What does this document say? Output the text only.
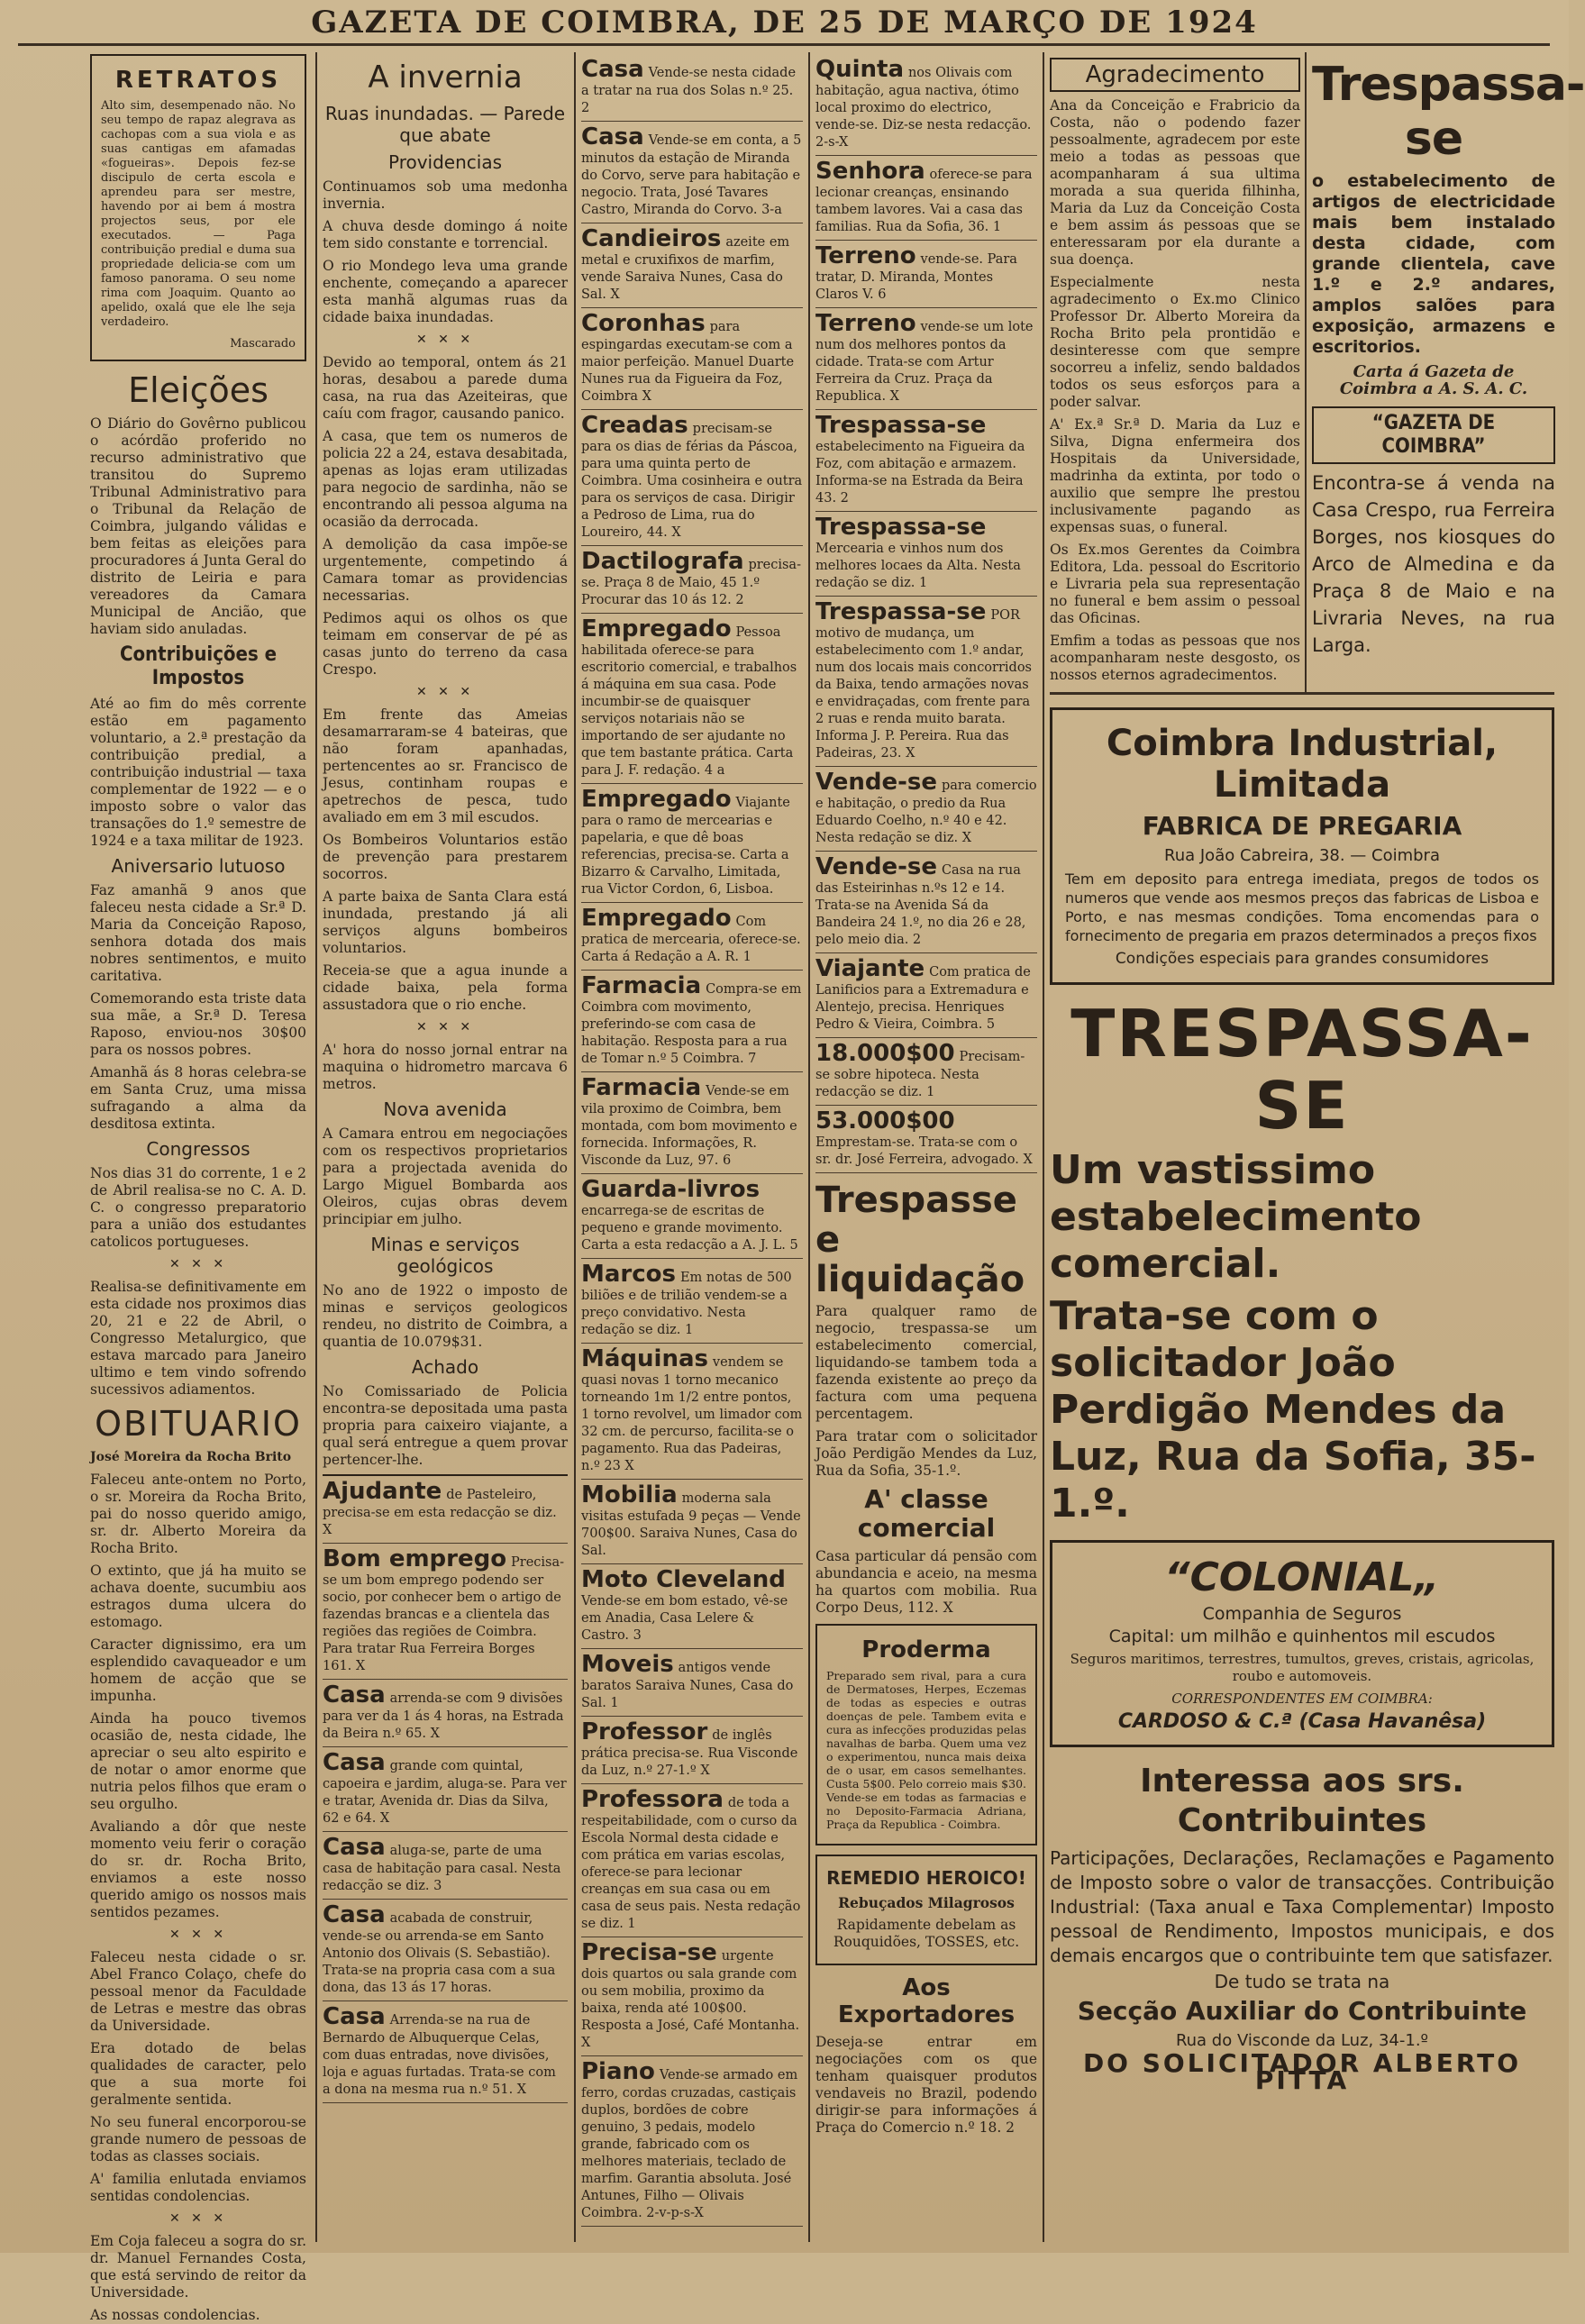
GAZETA DE COIMBRA, DE 25 DE MARÇO DE 1924
RETRATOS

Alto sim, desempenado não. No seu tempo de rapaz alegrava as cachopas com a sua viola e as suas cantigas em afamadas «fogueiras». Depois fez-se discipulo de certa escola e aprendeu para ser mestre, havendo por ai bem á mostra projectos seus, por ele executados. — Paga contribuição predial e duma sua propriedade delicia-se com um famoso panorama. O seu nome rima com Joaquim. Quanto ao apelido, oxalá que ele lhe seja verdadeiro.

Mascarado
Eleições

O Diário do Govêrno publicou o acórdão proferido no recurso administrativo que transitou do Supremo Tribunal Administrativo para o Tribunal da Relação de Coimbra, julgando válidas e bem feitas as eleições para procuradores á Junta Geral do distrito de Leiria e para vereadores da Camara Municipal de Ancião, que haviam sido anuladas.

Contribuições e Impostos

Até ao fim do mês corrente estão em pagamento voluntario, a 2.ª prestação da contribuição predial, a contribuição industrial — taxa complementar de 1922 — e o imposto sobre o valor das transações do 1.º semestre de 1924 e a taxa militar de 1923.

Aniversario lutuoso

Faz amanhã 9 anos que faleceu nesta cidade a Sr.ª D. Maria da Conceição Raposo, senhora dotada dos mais nobres sentimentos, e muito caritativa.

Comemorando esta triste data sua mãe, a Sr.ª D. Teresa Raposo, enviou-nos 30$00 para os nossos pobres.

Amanhã ás 8 horas celebra-se em Santa Cruz, uma missa sufragando a alma da desditosa extinta.

Congressos

Nos dias 31 do corrente, 1 e 2 de Abril realisa-se no C. A. D. C. o congresso preparatorio para a união dos estudantes catolicos portugueses.

✕ ✕ ✕

Realisa-se definitivamente em esta cidade nos proximos dias 20, 21 e 22 de Abril, o Congresso Metalurgico, que estava marcado para Janeiro ultimo e tem vindo sofrendo sucessivos adiamentos.

OBITUARIO

José Moreira da Rocha Brito

Faleceu ante-ontem no Porto, o sr. Moreira da Rocha Brito, pai do nosso querido amigo, sr. dr. Alberto Moreira da Rocha Brito.

O extinto, que já ha muito se achava doente, sucumbiu aos estragos duma ulcera do estomago.

Caracter dignissimo, era um esplendido cavaqueador e um homem de acção que se impunha.

Ainda ha pouco tivemos ocasião de, nesta cidade, lhe apreciar o seu alto espirito e de notar o amor enorme que nutria pelos filhos que eram o seu orgulho.

Avaliando a dôr que neste momento veiu ferir o coração do sr. dr. Rocha Brito, enviamos a este nosso querido amigo os nossos mais sentidos pezames.

✕ ✕ ✕

Faleceu nesta cidade o sr. Abel Franco Colaço, chefe do pessoal menor da Faculdade de Letras e mestre das obras da Universidade.

Era dotado de belas qualidades de caracter, pelo que a sua morte foi geralmente sentida.

No seu funeral encorporou-se grande numero de pessoas de todas as classes sociais.

A' familia enlutada enviamos sentidas condolencias.

✕ ✕ ✕

Em Coja faleceu a sogra do sr. dr. Manuel Fernandes Costa, que está servindo de reitor da Universidade.

As nossas condolencias.

A invernia
Ruas inundadas. — Parede que abate
Providencias

Continuamos sob uma medonha invernia.

A chuva desde domingo á noite tem sido constante e torrencial.

O rio Mondego leva uma grande enchente, começando a aparecer esta manhã algumas ruas da cidade baixa inundadas.

✕ ✕ ✕

Devido ao temporal, ontem ás 21 horas, desabou a parede duma casa, na rua das Azeiteiras, que caíu com fragor, causando panico.

A casa, que tem os numeros de policia 22 a 24, estava desabitada, apenas as lojas eram utilizadas para negocio de sardinha, não se encontrando ali pessoa alguma na ocasião da derrocada.

A demolição da casa impõe-se urgentemente, competindo á Camara tomar as providencias necessarias.

Pedimos aqui os olhos os que teimam em conservar de pé as casas junto do terreno da casa Crespo.

✕ ✕ ✕

Em frente das Ameias desamarraram-se 4 bateiras, que não foram apanhadas, pertencentes ao sr. Francisco de Jesus, continham roupas e apetrechos de pesca, tudo avaliado em em 3 mil escudos.

Os Bombeiros Voluntarios estão de prevenção para prestarem socorros.

A parte baixa de Santa Clara está inundada, prestando já ali serviços alguns bombeiros voluntarios.

Receia-se que a agua inunde a cidade baixa, pela forma assustadora que o rio enche.

✕ ✕ ✕

A' hora do nosso jornal entrar na maquina o hidrometro marcava 6 metros.

Nova avenida

A Camara entrou em negociações com os respectivos proprietarios para a projectada avenida do Largo Miguel Bombarda aos Oleiros, cujas obras devem principiar em julho.

Minas e serviços geológicos

No ano de 1922 o imposto de minas e serviços geologicos rendeu, no distrito de Coimbra, a quantia de 10.079$31.

Achado

No Comissariado de Policia encontra-se depositada uma pasta propria para caixeiro viajante, a qual será entregue a quem provar pertencer-lhe.

Ajudante de Pasteleiro, precisa-se em esta redacção se diz. X
Bom emprego Precisa-se um bom emprego podendo ser socio, por conhecer bem o artigo de fazendas brancas e a clientela das regiões das regiões de Coimbra. Para tratar Rua Ferreira Borges 161. X
Casa arrenda-se com 9 divisões para ver da 1 ás 4 horas, na Estrada da Beira n.º 65. X
Casa grande com quintal, capoeira e jardim, aluga-se. Para ver e tratar, Avenida dr. Dias da Silva, 62 e 64. X
Casa aluga-se, parte de uma casa de habitação para casal. Nesta redacção se diz. 3
Casa acabada de construir, vende-se ou arrenda-se em Santo Antonio dos Olivais (S. Sebastião). Trata-se na propria casa com a sua dona, das 13 ás 17 horas.
Casa Arrenda-se na rua de Bernardo de Albuquerque Celas, com duas entradas, nove divisões, loja e aguas furtadas. Trata-se com a dona na mesma rua n.º 51. X
Casa Vende-se nesta cidade a tratar na rua dos Solas n.º 25. 2
Casa Vende-se em conta, a 5 minutos da estação de Miranda do Corvo, serve para habitação e negocio. Trata, José Tavares Castro, Miranda do Corvo. 3-a
Candieiros azeite em metal e cruxifixos de marfim, vende Saraiva Nunes, Casa do Sal. X
Coronhas para espingardas executam-se com a maior perfeição. Manuel Duarte Nunes rua da Figueira da Foz, Coimbra X
Creadas precisam-se para os dias de férias da Páscoa, para uma quinta perto de Coimbra. Uma cosinheira e outra para os serviços de casa. Dirigir a Pedroso de Lima, rua do Loureiro, 44. X
Dactilografa precisa-se. Praça 8 de Maio, 45 1.º Procurar das 10 ás 12. 2
Empregado Pessoa habilitada oferece-se para escritorio comercial, e trabalhos á máquina em sua casa. Pode incumbir-se de quaisquer serviços notariais não se importando de ser ajudante no que tem bastante prática. Carta para J. F. redação. 4 a
Empregado Viajante para o ramo de mercearias e papelaria, e que dê boas referencias, precisa-se. Carta a Bizarro & Carvalho, Limitada, rua Victor Cordon, 6, Lisboa.
Empregado Com pratica de mercearia, oferece-se. Carta á Redação a A. R. 1
Farmacia Compra-se em Coimbra com movimento, preferindo-se com casa de habitação. Resposta para a rua de Tomar n.º 5 Coimbra. 7
Farmacia Vende-se em vila proximo de Coimbra, bem montada, com bom movimento e fornecida. Informações, R. Visconde da Luz, 97. 6
Guarda-livros encarrega-se de escritas de pequeno e grande movimento. Carta a esta redacção a A. J. L. 5
Marcos Em notas de 500 biliões e de trilião vendem-se a preço convidativo. Nesta redação se diz. 1
Máquinas vendem se quasi novas 1 torno mecanico torneando 1m 1/2 entre pontos, 1 torno revolvel, um limador com 32 cm. de percurso, facilita-se o pagamento. Rua das Padeiras, n.º 23 X
Mobilia moderna sala visitas estufada 9 peças — Vende 700$00. Saraiva Nunes, Casa do Sal.
Moto Cleveland Vende-se em bom estado, vê-se em Anadia, Casa Lelere & Castro. 3
Moveis antigos vende baratos Saraiva Nunes, Casa do Sal. 1
Professor de inglês prática precisa-se. Rua Visconde da Luz, n.º 27-1.º X
Professora de toda a respeitabilidade, com o curso da Escola Normal desta cidade e com prática em varias escolas, oferece-se para lecionar creanças em sua casa ou em casa de seus pais. Nesta redação se diz. 1
Precisa-se urgente dois quartos ou sala grande com ou sem mobilia, proximo da baixa, renda até 100$00. Resposta a José, Café Montanha. X
Piano Vende-se armado em ferro, cordas cruzadas, castiçais duplos, bordões de cobre genuino, 3 pedais, modelo grande, fabricado com os melhores materiais, teclado de marfim. Garantia absoluta. José Antunes, Filho — Olivais Coimbra. 2-v-p-s-X
Quinta nos Olivais com habitação, agua nactiva, ótimo local proximo do electrico, vende-se. Diz-se nesta redacção. 2-s-X
Senhora oferece-se para lecionar creanças, ensinando tambem lavores. Vai a casa das familias. Rua da Sofia, 36. 1
Terreno vende-se. Para tratar, D. Miranda, Montes Claros V. 6
Terreno vende-se um lote num dos melhores pontos da cidade. Trata-se com Artur Ferreira da Cruz. Praça da Republica. X
Trespassa-se estabelecimento na Figueira da Foz, com abitação e armazem. Informa-se na Estrada da Beira 43. 2
Trespassa-se Mercearia e vinhos num dos melhores locaes da Alta. Nesta redação se diz. 1
Trespassa-se POR motivo de mudança, um estabelecimento com 1.º andar, num dos locais mais concorridos da Baixa, tendo armações novas e envidraçadas, com frente para 2 ruas e renda muito barata. Informa J. P. Pereira. Rua das Padeiras, 23. X
Vende-se para comercio e habitação, o predio da Rua Eduardo Coelho, n.º 40 e 42. Nesta redação se diz. X
Vende-se Casa na rua das Esteirinhas n.ºs 12 e 14. Trata-se na Avenida Sá da Bandeira 24 1.º, no dia 26 e 28, pelo meio dia. 2
Viajante Com pratica de Lanificios para a Extremadura e Alentejo, precisa. Henriques Pedro & Vieira, Coimbra. 5
18.000$00 Precisam-se sobre hipoteca. Nesta redacção se diz. 1
53.000$00 Emprestam-se. Trata-se com o sr. dr. José Ferreira, advogado. X
Trespasse e liquidação

Para qualquer ramo de negocio, trespassa-se um estabelecimento comercial, liquidando-se tambem toda a fazenda existente ao preço da factura com uma pequena percentagem.

Para tratar com o solicitador João Perdigão Mendes da Luz, Rua da Sofia, 35-1.º.

A' classe comercial

Casa particular dá pensão com abundancia e aceio, na mesma ha quartos com mobilia. Rua Corpo Deus, 112. X

Proderma

Preparado sem rival, para a cura de Dermatoses, Herpes, Eczemas de todas as especies e outras doenças de pele. Tambem evita e cura as infecções produzidas pelas navalhas de barba. Quem uma vez o experimentou, nunca mais deixa de o usar, em casos semelhantes. Custa 5$00. Pelo correio mais $30. Vende-se em todas as farmacias e no Deposito-Farmacia Adriana, Praça da Republica - Coimbra.

REMEDIO HEROICO!

Rebuçados Milagrosos

Rapidamente debelam as Rouquidões, TOSSES, etc.

Aos Exportadores

Deseja-se entrar em negociações com os que tenham quaisquer produtos vendaveis no Brazil, podendo dirigir-se para informações á Praça do Comercio n.º 18. 2

Agradecimento

Ana da Conceição e Frabricio da Costa, não o podendo fazer pessoalmente, agradecem por este meio a todas as pessoas que acompanharam á sua ultima morada a sua querida filhinha, Maria da Luz da Conceição Costa e bem assim ás pessoas que se enteressaram por ela durante a sua doença.

Especialmente nesta agradecimento o Ex.mo Clinico Professor Dr. Alberto Moreira da Rocha Brito pela prontidão e desinteresse com que sempre socorreu a infeliz, sendo baldados todos os seus esforços para a poder salvar.

A' Ex.ª Sr.ª D. Maria da Luz e Silva, Digna enfermeira dos Hospitais da Universidade, madrinha da extinta, por todo o auxilio que sempre lhe prestou inclusivamente pagando as expensas suas, o funeral.

Os Ex.mos Gerentes da Coimbra Editora, Lda. pessoal do Escritorio e Livraria pela sua representação no funeral e bem assim o pessoal das Oficinas.

Emfim a todas as pessoas que nos acompanharam neste desgosto, os nossos eternos agradecimentos.

Trespassa-se

o estabelecimento de artigos de electricidade mais bem instalado desta cidade, com grande clientela, cave 1.º e 2.º andares, amplos salões para exposição, armazens e escritorios.

Carta á Gazeta de Coimbra a A. S. A. C.

“GAZETA DE COIMBRA”

Encontra-se á venda na Casa Crespo, rua Ferreira Borges, nos kiosques do Arco de Almedina e da Praça 8 de Maio e na Livraria Neves, na rua Larga.

Coimbra Industrial, Limitada
FABRICA DE PREGARIA

Rua João Cabreira, 38. — Coimbra

Tem em deposito para entrega imediata, pregos de todos os numeros que vende aos mesmos preços das fabricas de Lisboa e Porto, e nas mesmas condições. Toma encomendas para o fornecimento de pregaria em prazos determinados a preços fixos

Condições especiais para grandes consumidores

TRESPASSA-SE

Um vastissimo estabelecimento comercial.

Trata-se com o solicitador João Perdigão Mendes da Luz, Rua da Sofia, 35-1.º.

“COLONIAL„

Companhia de Seguros

Capital: um milhão e quinhentos mil escudos

Seguros maritimos, terrestres, tumultos, greves, cristais, agricolas, roubo e automoveis.

CORRESPONDENTES EM COIMBRA:

CARDOSO & C.ª (Casa Havanêsa)

Interessa aos srs. Contribuintes

Participações, Declarações, Reclamações e Pagamento de Imposto sobre o valor de transacções. Contribuição Industrial: (Taxa anual e Taxa Complementar) Imposto pessoal de Rendimento, Impostos municipais, e dos demais encargos que o contribuinte tem que satisfazer.

De tudo se trata na

Secção Auxiliar do Contribuinte

Rua do Visconde da Luz, 34-1.º

DO SOLICITADOR ALBERTO PITTA
